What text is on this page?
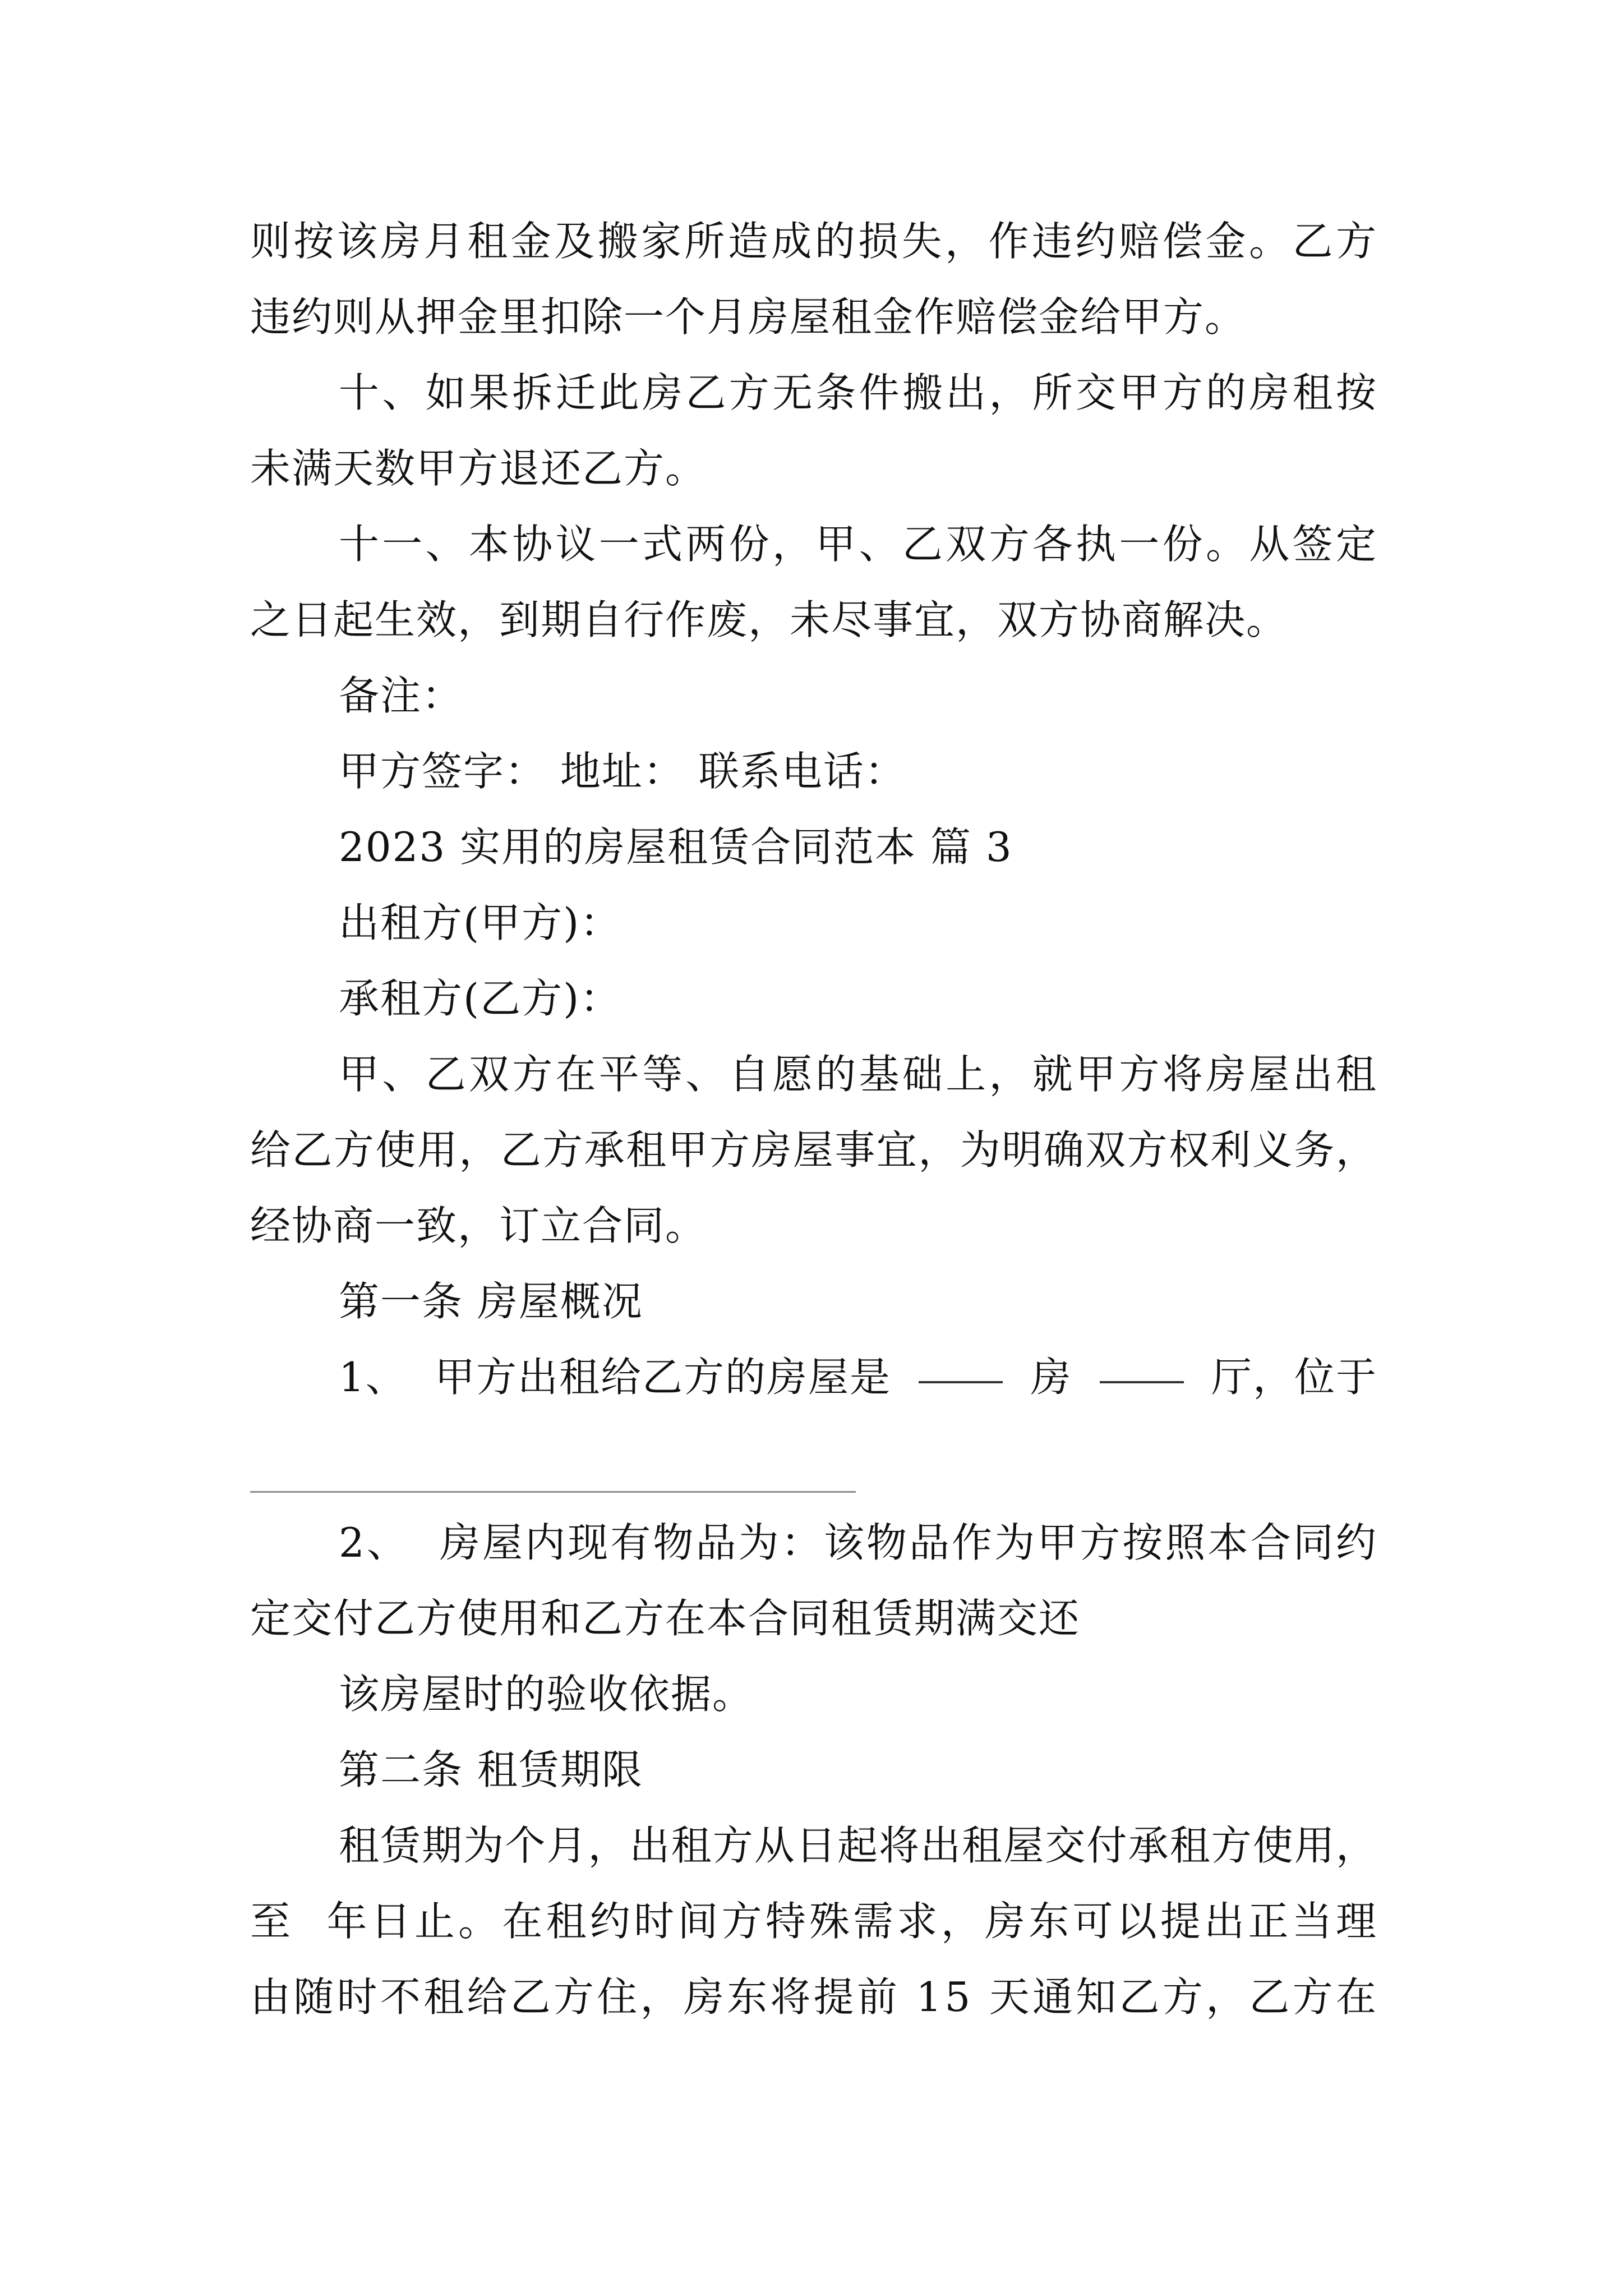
则 按 该 房 月 租 金 及 搬 家 所 造 成 的 损 失 ， 作 违 约 赔 偿 金 。 乙 方
违约则从押金里扣除一个月房屋租金作赔偿金给甲方。
十 、 如 果 拆 迁 此 房 乙 方 无 条 件 搬 出 ， 所 交 甲 方 的 房 租 按
未满天数甲方退还乙方。
十 一 、 本 协 议 一 式 两 份 ， 甲 、 乙 双 方 各 执 一 份 。 从 签 定
之日起生效，到期自行作废，未尽事宜，双方协商解决。
备注：
甲方签字： 地址： 联系电话：
2023 实用的房屋租赁合同范本 篇 3
出租方(甲方)：
承租方(乙方)：
甲 、 乙 双 方 在 平 等 、 自 愿 的 基 础 上 ， 就 甲 方 将 房 屋 出 租
给 乙 方 使 用 ， 乙 方 承 租 甲 方 房 屋 事 宜 ， 为 明 确 双 方 权 利 义 务 ，
经协商一致，订立合同。
第一条 房屋概况
1、 甲方出租给乙方的房屋是	房	厅，位于
2 、

房 屋 内 现 有 物 品 为 ： 该 物 品 作 为 甲 方 按 照 本 合 同 约
定交付乙方使用和乙方在本合同租赁期满交还
该房屋时的验收依据。
第二条 租赁期限
租 赁 期 为 个 月 ， 出 租 方 从 日 起 将 出 租 屋 交 付 承 租 方 使 用 ，
至

年 日 止 。 在 租 约 时 间 方 特 殊 需 求 ， 房 东 可 以 提 出 正 当 理
由 随 时 不 租 给 乙 方 住 ， 房 东 将 提 前
1 5
天 通 知 乙 方 ， 乙 方 在
